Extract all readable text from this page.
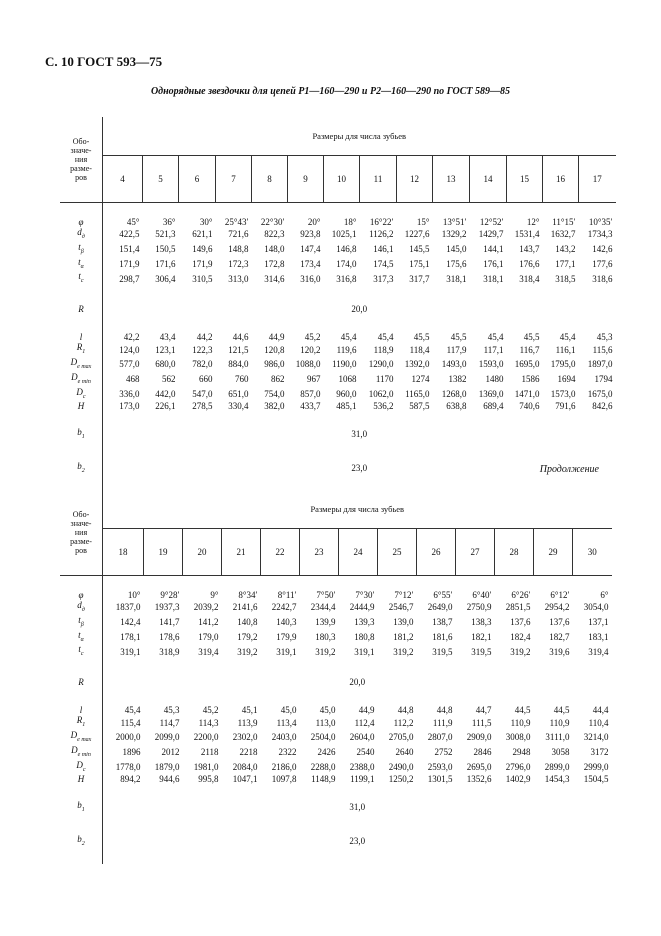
С. 10 ГОСТ 593—75
Однорядные звездочки для цепей Р1—160—290 и Р2—160—290 по ГОСТ 589—85
Продолжение
Обо-
значе-
ния
разме-
ров	Размеры для числа зубьев													
	4	5	6	7	8	9	10	11	12	13	14	15	16	17

φ	45°	36°	30°	25°43′	22°30′	20°	18°	16°22′	15°	13°51′	12°52′	12°	11°15′	10°35′
$d_д$	422,5	521,3	621,1	721,6	822,3	923,8	1025,1	1126,2	1227,6	1329,2	1429,7	1531,4	1632,7	1734,3
$t_\beta$	151,4	150,5	149,6	148,8	148,0	147,4	146,8	146,1	145,5	145,0	144,1	143,7	143,2	142,6
$t_\alpha$	171,9	171,6	171,9	172,3	172,8	173,4	174,0	174,5	175,1	175,6	176,1	176,6	177,1	177,6
$t_c$	298,7	306,4	310,5	313,0	314,6	316,0	316,8	317,3	317,7	318,1	318,1	318,4	318,5	318,6

R	20,0													

l	42,2	43,4	44,2	44,6	44,9	45,2	45,4	45,4	45,5	45,5	45,4	45,5	45,4	45,3
$R_1$	124,0	123,1	122,3	121,5	120,8	120,2	119,6	118,9	118,4	117,9	117,1	116,7	116,1	115,6
$D_{e max}$	577,0	680,0	782,0	884,0	986,0	1088,0	1190,0	1290,0	1392,0	1493,0	1593,0	1695,0	1795,0	1897,0
$D_{e min}$	468	562	660	760	862	967	1068	1170	1274	1382	1480	1586	1694	1794
$D_c$	336,0	442,0	547,0	651,0	754,0	857,0	960,0	1062,0	1165,0	1268,0	1369,0	1471,0	1573,0	1675,0
H	173,0	226,1	278,5	330,4	382,0	433,7	485,1	536,2	587,5	638,8	689,4	740,6	791,6	842,6

$b_1$	31,0													

$b_2$	23,0													

Обо-
значе-
ния
разме-
ров	Размеры для числа зубьев												
	18	19	20	21	22	23	24	25	26	27	28	29	30

φ	10°	9°28′	9°	8°34′	8°11′	7°50′	7°30′	7°12′	6°55′	6°40′	6°26′	6°12′	6°
$d_д$	1837,0	1937,3	2039,2	2141,6	2242,7	2344,4	2444,9	2546,7	2649,0	2750,9	2851,5	2954,2	3054,0
$t_\beta$	142,4	141,7	141,2	140,8	140,3	139,9	139,3	139,0	138,7	138,3	137,6	137,6	137,1
$t_\alpha$	178,1	178,6	179,0	179,2	179,9	180,3	180,8	181,2	181,6	182,1	182,4	182,7	183,1
$t_c$	319,1	318,9	319,4	319,2	319,1	319,2	319,1	319,2	319,5	319,5	319,2	319,6	319,4

R	20,0												

l	45,4	45,3	45,2	45,1	45,0	45,0	44,9	44,8	44,8	44,7	44,5	44,5	44,4
$R_1$	115,4	114,7	114,3	113,9	113,4	113,0	112,4	112,2	111,9	111,5	110,9	110,9	110,4
$D_{e max}$	2000,0	2099,0	2200,0	2302,0	2403,0	2504,0	2604,0	2705,0	2807,0	2909,0	3008,0	3111,0	3214,0
$D_{e min}$	1896	2012	2118	2218	2322	2426	2540	2640	2752	2846	2948	3058	3172
$D_c$	1778,0	1879,0	1981,0	2084,0	2186,0	2288,0	2388,0	2490,0	2593,0	2695,0	2796,0	2899,0	2999,0
H	894,2	944,6	995,8	1047,1	1097,8	1148,9	1199,1	1250,2	1301,5	1352,6	1402,9	1454,3	1504,5

$b_1$	31,0												

$b_2$	23,0												
